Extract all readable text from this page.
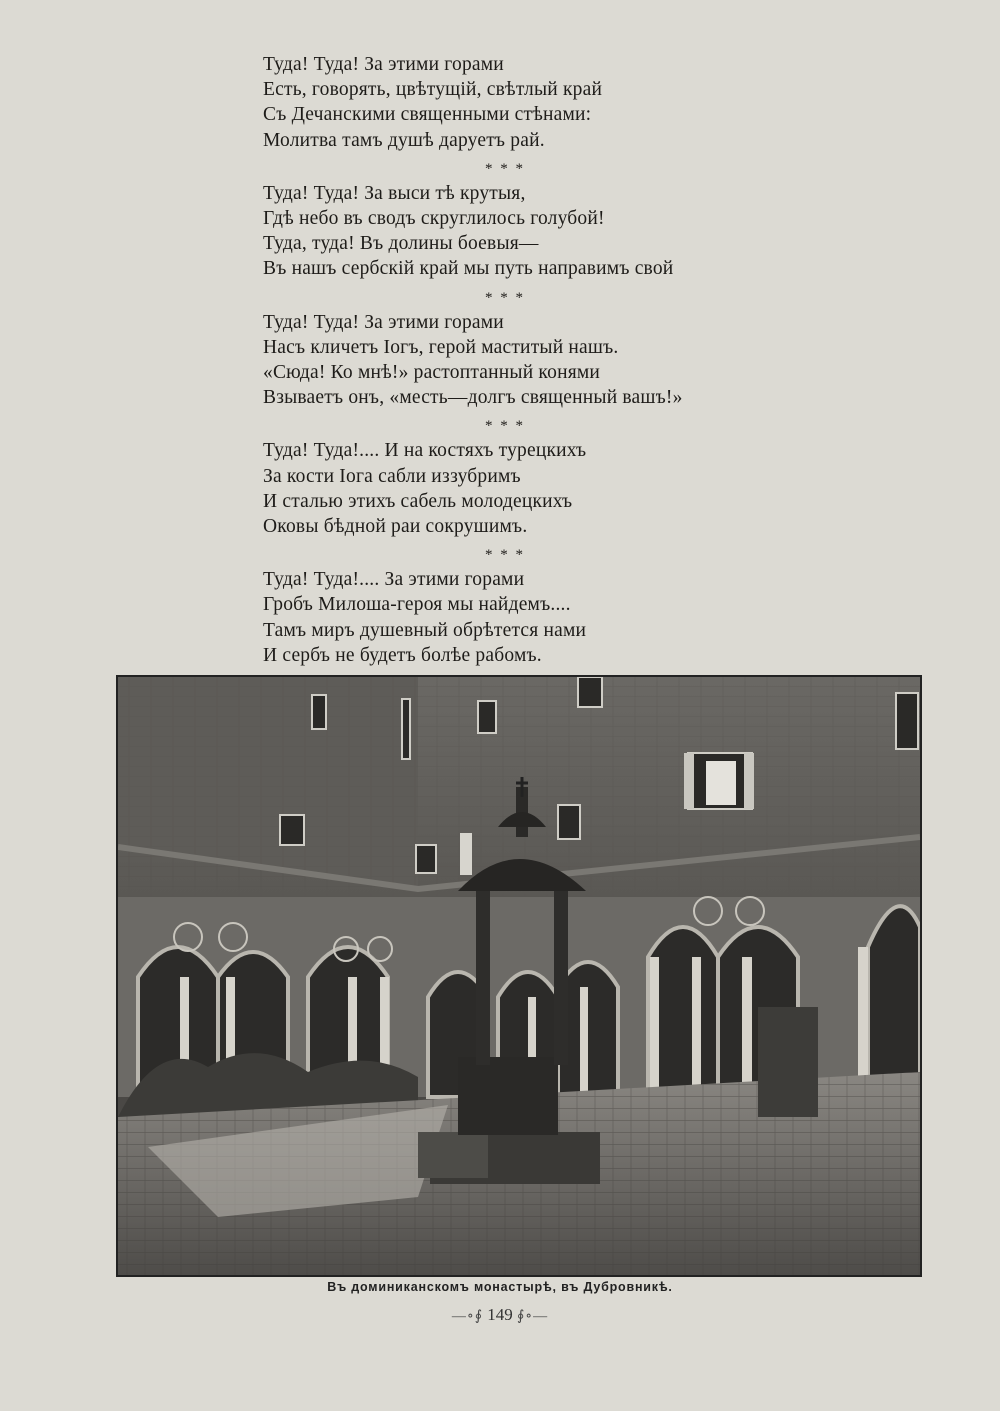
Туда! Туда! За этими горами
Есть, говорять, цвѣтущій, свѣтлый край
Съ Дечанскими священными стѣнами:
Молитва тамъ душѣ даруетъ рай.
* * *
Туда! Туда! За выси тѣ крутыя,
Гдѣ небо въ сводъ скруглилось голубой!
Туда, туда! Въ долины боевыя—
Въ нашъ сербскій край мы путь направимъ свой
* * *
Туда! Туда! За этими горами
Насъ кличетъ Іогъ, герой маститый нашъ.
«Сюда! Ко мнѣ!» растоптанный конями
Взываетъ онъ, «месть—долгъ священный вашъ!»
* * *
Туда! Туда!.... И на костяхъ турецкихъ
За кости Іога сабли иззубримъ
И сталью этихъ сабель молодецкихъ
Оковы бѣдной раи сокрушимъ.
* * *
Туда! Туда!.... За этими горами
Гробъ Милоша-героя мы найдемъ....
Тамъ миръ душевный обрѣтется нами
И сербъ не будетъ болѣе рабомъ.
Въ доминиканскомъ монастырѣ, въ Дубровникѣ.
—∘∮ 149 ∮∘—
